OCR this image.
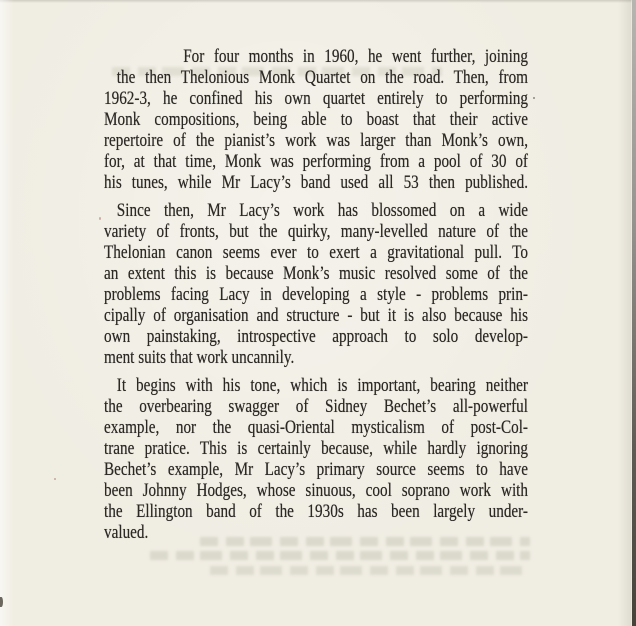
For four months in 1960, he went further, joining
the then Thelonious Monk Quartet on the road. Then, from
1962-3, he confined his own quartet entirely to performing
Monk compositions, being able to boast that their active
repertoire of the pianist’s work was larger than Monk’s own,
for, at that time, Monk was performing from a pool of 30 of
his tunes, while Mr Lacy’s band used all 53 then published.
Since then, Mr Lacy’s work has blossomed on a wide
variety of fronts, but the quirky, many-levelled nature of the
Thelonian canon seems ever to exert a gravitational pull. To
an extent this is because Monk’s music resolved some of the
problems facing Lacy in developing a style - problems prin-
cipally of organisation and structure - but it is also because his
own painstaking, introspective approach to solo develop-
ment suits that work uncannily.
It begins with his tone, which is important, bearing neither
the overbearing swagger of Sidney Bechet’s all-powerful
example, nor the quasi-Oriental mysticalism of post-Col-
trane pratice. This is certainly because, while hardly ignoring
Bechet’s example, Mr Lacy’s primary source seems to have
been Johnny Hodges, whose sinuous, cool soprano work with
the Ellington band of the 1930s has been largely under-
valued.
